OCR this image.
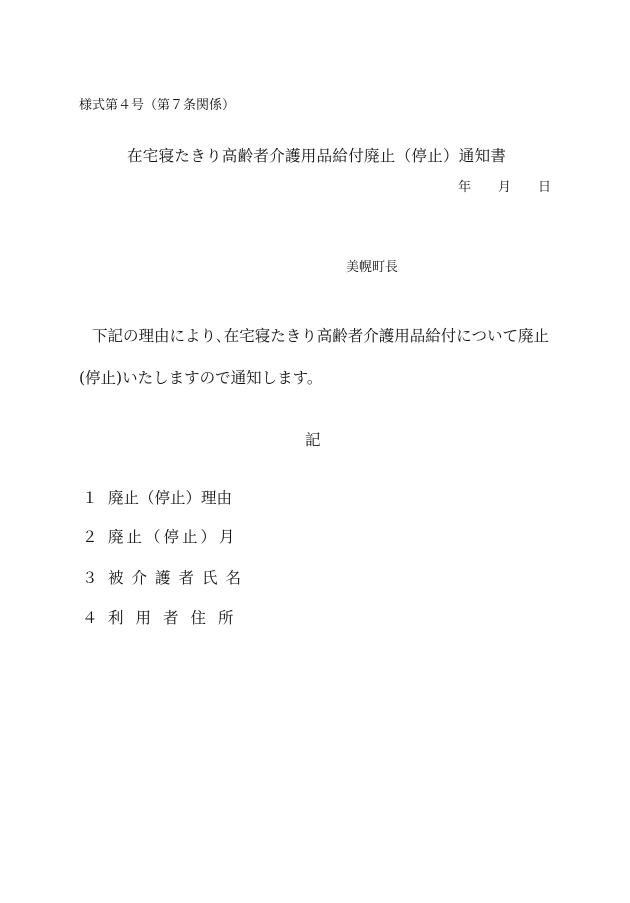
様式第４号（第７条関係）
在宅寝たきり高齢者介護用品給付廃止（停止）通知書
年 月 日
美幌町長
下記の理由により､在宅寝たきり高齢者介護用品給付について廃止
(停止)いたしますので通知します。
記
１ 廃止（停止）理由
２ 廃止（停止）月
３ 被介護者氏名
４ 利用者住所
